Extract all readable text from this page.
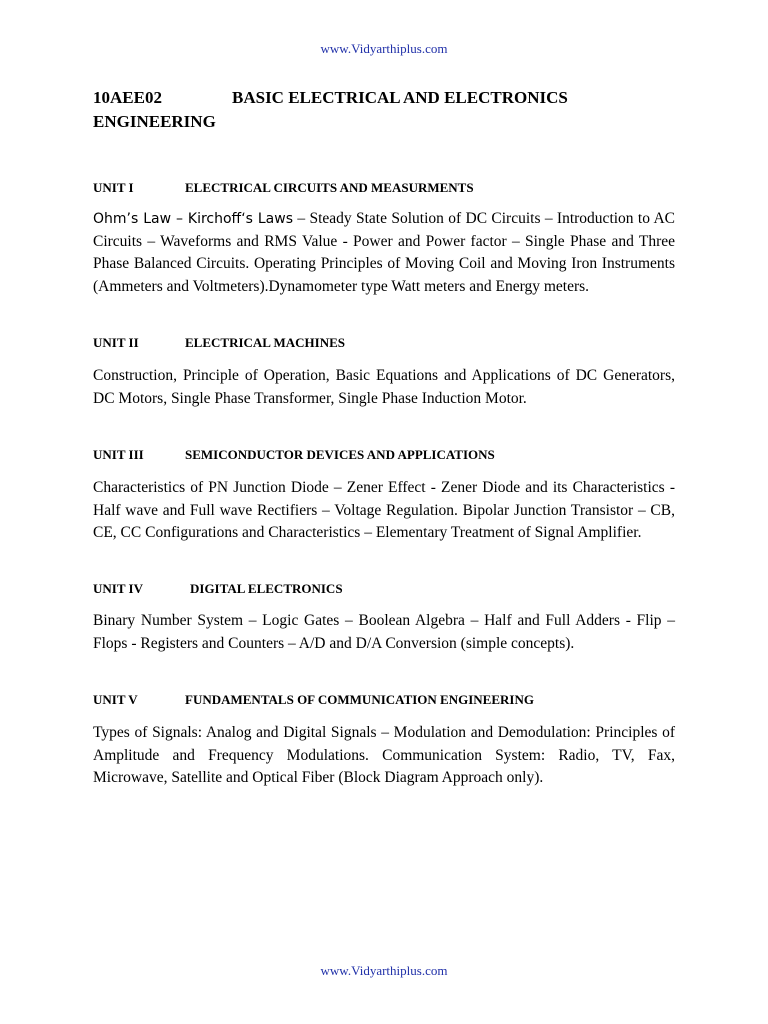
www.Vidyarthiplus.com
10AEE02	BASIC ELECTRICAL AND ELECTRONICS
ENGINEERING
UNIT I	ELECTRICAL CIRCUITS AND MEASURMENTS

Ohm’s Law – Kirchoff‘s Laws – Steady State Solution of DC Circuits – Introduction to AC Circuits – Waveforms and RMS Value - Power and Power factor – Single Phase and Three Phase Balanced Circuits. Operating Principles of Moving Coil and Moving Iron Instruments (Ammeters and Voltmeters).Dynamometer type Watt meters and Energy meters.

UNIT II	ELECTRICAL MACHINES

Construction, Principle of Operation, Basic Equations and Applications of DC Generators, DC Motors, Single Phase Transformer, Single Phase Induction Motor.

UNIT III	SEMICONDUCTOR DEVICES AND APPLICATIONS

Characteristics of PN Junction Diode – Zener Effect - Zener Diode and its Characteristics - Half wave and Full wave Rectifiers – Voltage Regulation. Bipolar Junction Transistor – CB, CE, CC Configurations and Characteristics – Elementary Treatment of Signal Amplifier.

UNIT IV	DIGITAL ELECTRONICS

Binary Number System – Logic Gates – Boolean Algebra – Half and Full Adders - Flip – Flops - Registers and Counters – A/D and D/A Conversion (simple concepts).

UNIT V	FUNDAMENTALS OF COMMUNICATION ENGINEERING

Types of Signals: Analog and Digital Signals – Modulation and Demodulation: Principles of Amplitude and Frequency Modulations. Communication System: Radio, TV, Fax, Microwave, Satellite and Optical Fiber (Block Diagram Approach only).

www.Vidyarthiplus.com
